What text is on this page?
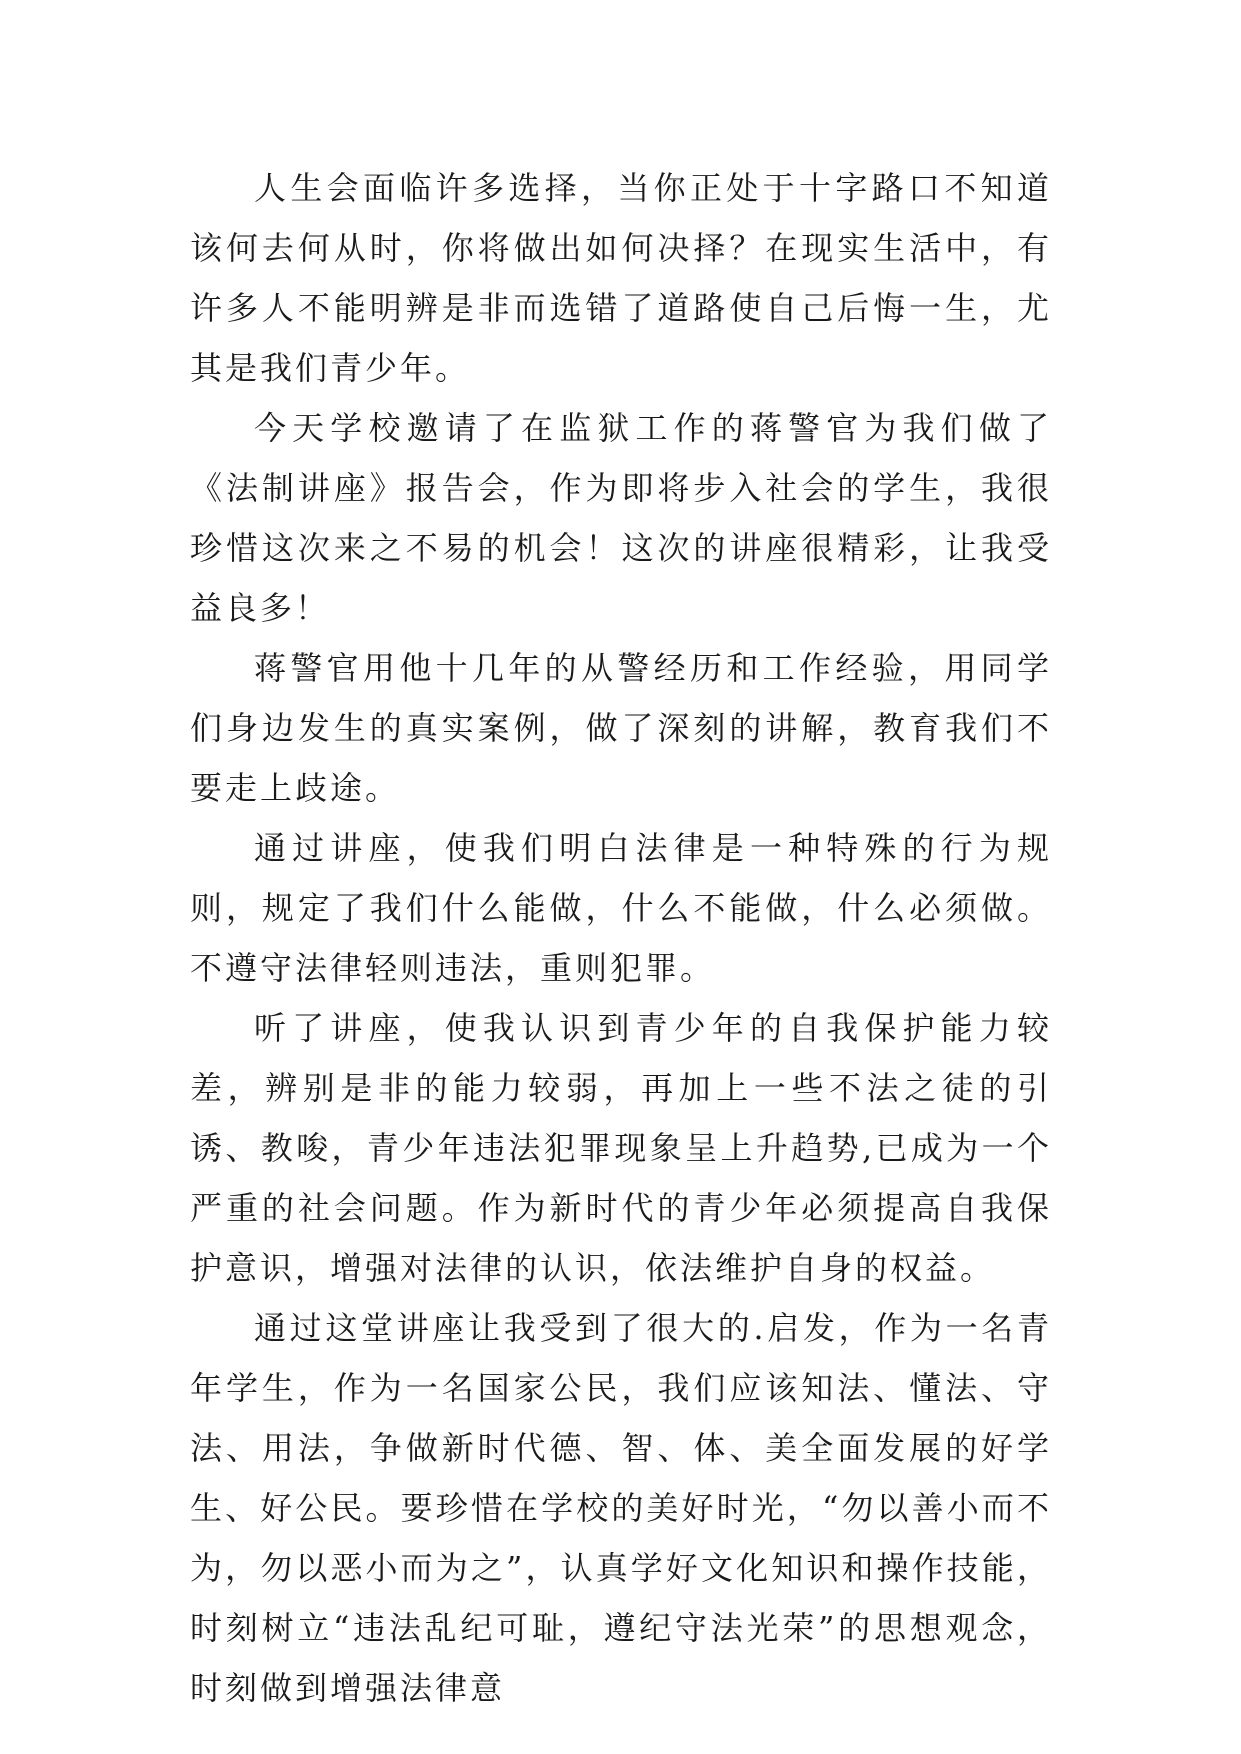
人生会面临许多选择，当你正处于十字路口不知道该何去何从时，你将做出如何决择？在现实生活中，有许多人不能明辨是非而选错了道路使自己后悔一生，尤其是我们青少年。

今天学校邀请了在监狱工作的蒋警官为我们做了《法制讲座》报告会，作为即将步入社会的学生，我很珍惜这次来之不易的机会！这次的讲座很精彩，让我受益良多！

蒋警官用他十几年的从警经历和工作经验，用同学们身边发生的真实案例，做了深刻的讲解，教育我们不要走上歧途。

通过讲座，使我们明白法律是一种特殊的行为规则，规定了我们什么能做，什么不能做，什么必须做。不遵守法律轻则违法，重则犯罪。

听了讲座，使我认识到青少年的自我保护能力较差，辨别是非的能力较弱，再加上一些不法之徒的引诱、教唆，青少年违法犯罪现象呈上升趋势,已成为一个严重的社会问题。作为新时代的青少年必须提高自我保护意识，增强对法律的认识，依法维护自身的权益。

通过这堂讲座让我受到了很大的.启发，作为一名青年学生，作为一名国家公民，我们应该知法、懂法、守法、用法，争做新时代德、智、体、美全面发展的好学生、好公民。要珍惜在学校的美好时光，“勿以善小而不为，勿以恶小而为之”，认真学好文化知识和操作技能，时刻树立“违法乱纪可耻，遵纪守法光荣”的思想观念，时刻做到增强法律意
